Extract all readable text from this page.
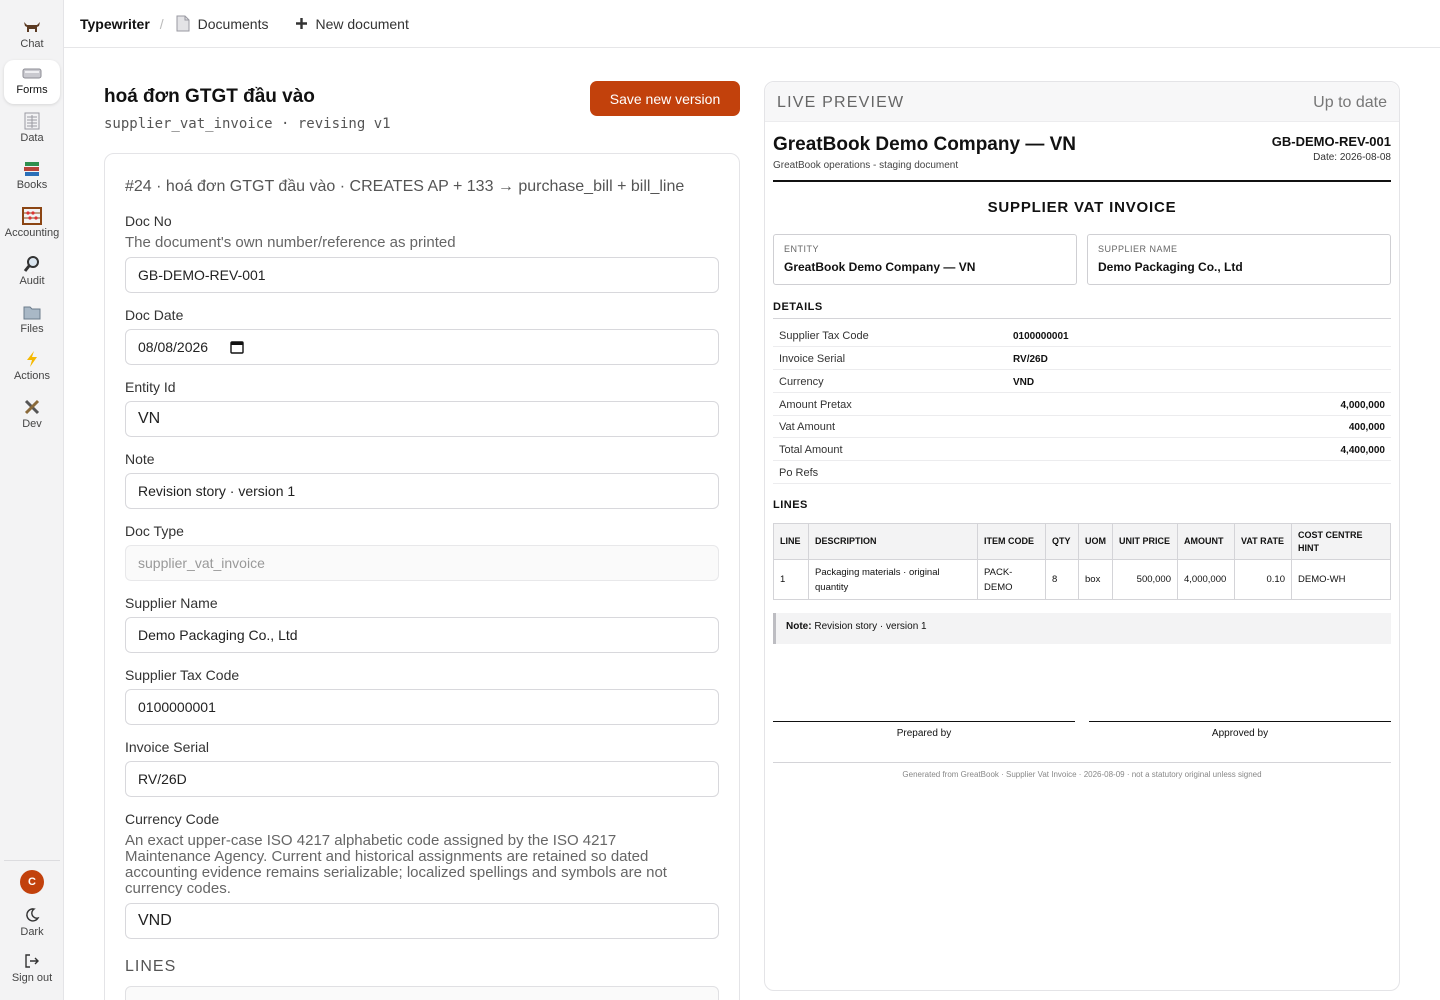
Chat
Forms
Data
Books
Accounting
Audit
Files
Actions
Dev
C
Dark
Sign out
Typewriter / Documents	New document
hoá đơn GTGT đầu vào
supplier_vat_invoice · revising v1
Save new version
#24 · hoá đơn GTGT đầu vào · CREATES AP + 133 → purchase_bill + bill_line
Doc No
The document's own number/reference as printed
GB-DEMO-REV-001
Doc Date
08/08/2026
Entity Id
VN
Note
Revision story · version 1
Doc Type
supplier_vat_invoice
Supplier Name
Demo Packaging Co., Ltd
Supplier Tax Code
0100000001
Invoice Serial
RV/26D
Currency Code
An exact upper-case ISO 4217 alphabetic code assigned by the ISO 4217 Maintenance Agency. Current and historical assignments are retained so dated accounting evidence remains serializable; localized spellings and symbols are not currency codes.
VND
LINES
LIVE PREVIEW	Up to date
GreatBook Demo Company — VN
GreatBook operations - staging document
GB-DEMO-REV-001
Date: 2026-08-08
SUPPLIER VAT INVOICE
ENTITY
GreatBook Demo Company — VN
SUPPLIER NAME
Demo Packaging Co., Ltd
DETAILS
Supplier Tax Code	0100000001
Invoice Serial	RV/26D
Currency	VND
Amount Pretax	4,000,000
Vat Amount	400,000
Total Amount	4,400,000
Po Refs
LINES
LINE	DESCRIPTION	ITEM CODE	QTY	UOM	UNIT PRICE	AMOUNT	VAT RATE	COST CENTRE HINT
1	Packaging materials · original quantity	PACK-DEMO	8	box	500,000	4,000,000	0.10	DEMO-WH
Note: Revision story · version 1
Prepared by	Approved by
Generated from GreatBook · Supplier Vat Invoice · 2026-08-09 · not a statutory original unless signed
